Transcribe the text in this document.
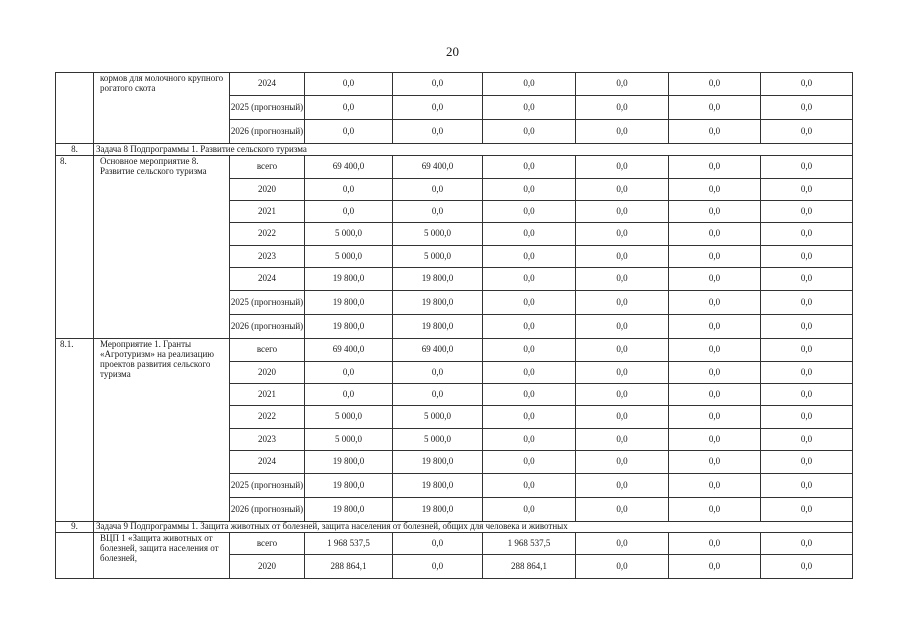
20
	кормов для молочного крупного рогатого скота	2024	0,0	0,0	0,0	0,0	0,0	0,0
		2025 (прогнозный)	0,0	0,0	0,0	0,0	0,0	0,0
		2026 (прогнозный)	0,0	0,0	0,0	0,0	0,0	0,0
8.	Задача 8 Подпрограммы 1. Развитие сельского туризма							
8.	Основное мероприятие 8. Развитие сельского туризма	всего	69 400,0	69 400,0	0,0	0,0	0,0	0,0
		2020	0,0	0,0	0,0	0,0	0,0	0,0
		2021	0,0	0,0	0,0	0,0	0,0	0,0
		2022	5 000,0	5 000,0	0,0	0,0	0,0	0,0
		2023	5 000,0	5 000,0	0,0	0,0	0,0	0,0
		2024	19 800,0	19 800,0	0,0	0,0	0,0	0,0
		2025 (прогнозный)	19 800,0	19 800,0	0,0	0,0	0,0	0,0
		2026 (прогнозный)	19 800,0	19 800,0	0,0	0,0	0,0	0,0
8.1.	Мероприятие 1. Гранты «Агротуризм» на реализацию проектов развития сельского туризма	всего	69 400,0	69 400,0	0,0	0,0	0,0	0,0
		2020	0,0	0,0	0,0	0,0	0,0	0,0
		2021	0,0	0,0	0,0	0,0	0,0	0,0
		2022	5 000,0	5 000,0	0,0	0,0	0,0	0,0
		2023	5 000,0	5 000,0	0,0	0,0	0,0	0,0
		2024	19 800,0	19 800,0	0,0	0,0	0,0	0,0
		2025 (прогнозный)	19 800,0	19 800,0	0,0	0,0	0,0	0,0
		2026 (прогнозный)	19 800,0	19 800,0	0,0	0,0	0,0	0,0
9.	Задача 9 Подпрограммы 1. Защита животных от болезней, защита населения от болезней, общих для человека и животных							
	ВЦП 1 «Защита животных от болезней, защита населения от болезней,	всего	1 968 537,5	0,0	1 968 537,5	0,0	0,0	0,0
		2020	288 864,1	0,0	288 864,1	0,0	0,0	0,0
